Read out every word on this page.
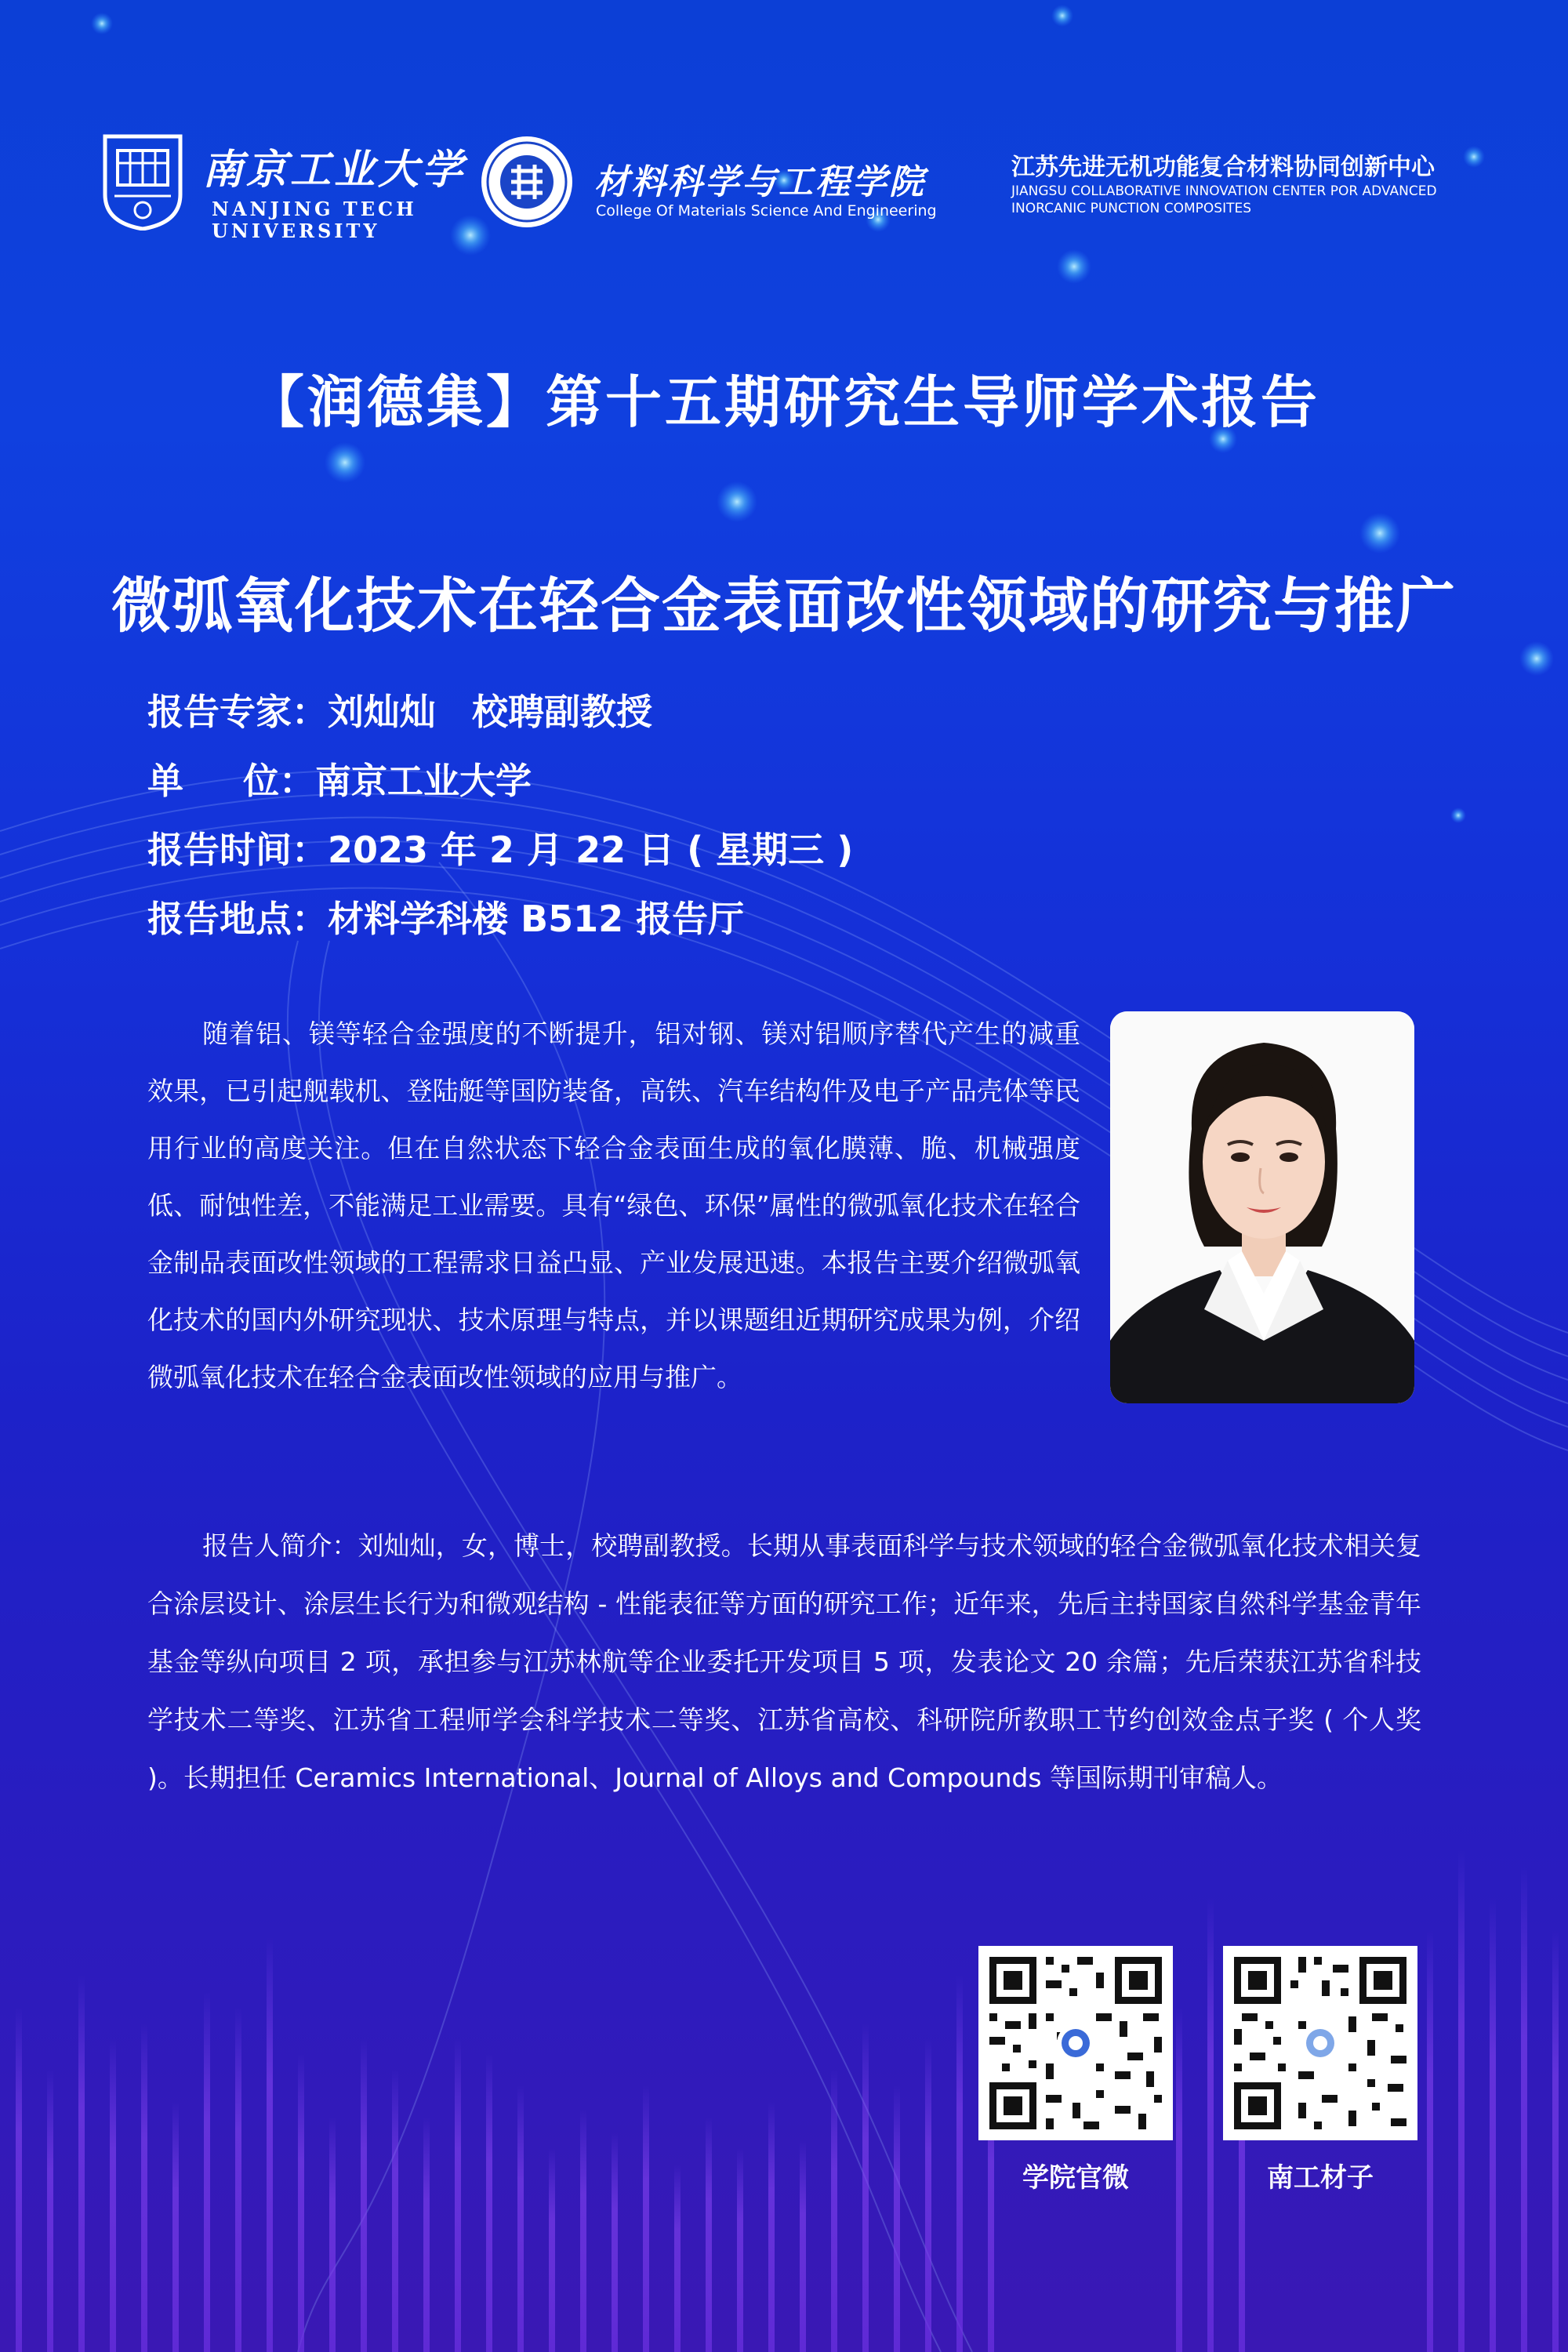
南京工业大学
NANJING TECH
UNIVERSITY
材料科学与工程学院
College Of Materials Science And Engineering
江苏先进无机功能复合材料协同创新中心
JIANGSU COLLABORATIVE INNOVATION CENTER POR ADVANCED
INORCANIC PUNCTION COMPOSITES
【润德集】第十五期研究生导师学术报告
微弧氧化技术在轻合金表面改性领域的研究与推广
报告专家： 刘灿灿　校聘副教授
单 位： 南京工业大学
报告时间： 2023 年 2 月 22 日 ( 星期三 )
报告地点： 材料学科楼 B512 报告厅
随着铝、镁等轻合金强度的不断提升，铝对钢、镁对铝顺序替代产生的减重效果，已引起舰载机、登陆艇等国防装备，高铁、汽车结构件及电子产品壳体等民用行业的高度关注。但在自然状态下轻合金表面生成的氧化膜薄、脆、机械强度低、耐蚀性差，不能满足工业需要。具有“绿色、环保”属性的微弧氧化技术在轻合金制品表面改性领域的工程需求日益凸显、产业发展迅速。本报告主要介绍微弧氧化技术的国内外研究现状、技术原理与特点，并以课题组近期研究成果为例，介绍微弧氧化技术在轻合金表面改性领域的应用与推广。
报告人简介：刘灿灿，女，博士，校聘副教授。长期从事表面科学与技术领域的轻合金微弧氧化技术相关复合涂层设计、涂层生长行为和微观结构 - 性能表征等方面的研究工作；近年来，先后主持国家自然科学基金青年基金等纵向项目 2 项，承担参与江苏林航等企业委托开发项目 5 项，发表论文 20 余篇；先后荣获江苏省科技学技术二等奖、江苏省工程师学会科学技术二等奖、江苏省高校、科研院所教职工节约创效金点子奖 ( 个人奖 )。长期担任 Ceramics International、Journal of Alloys and Compounds 等国际期刊审稿人。
学院官微	南工材子
